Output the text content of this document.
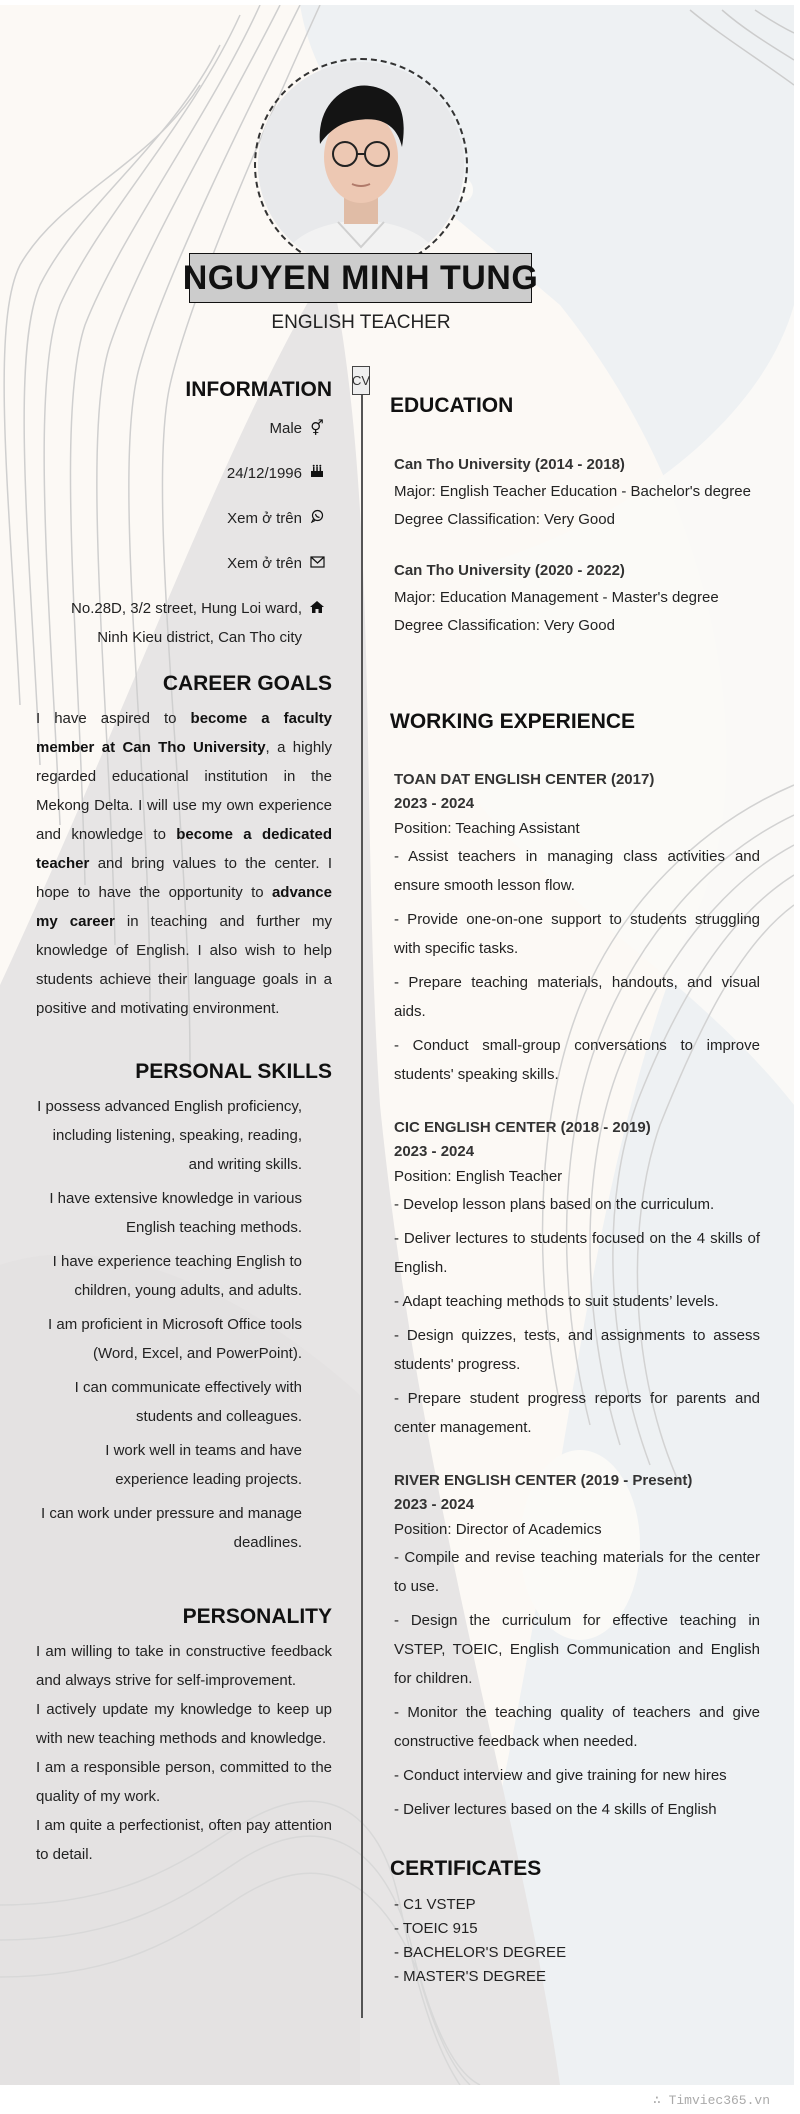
NGUYEN MINH TUNG
ENGLISH TEACHER
CV
INFORMATION
Male ⚥
24/12/1996
Xem ở trên
Xem ở trên
No.28D, 3/2 street, Hung Loi ward,
Ninh Kieu district, Can Tho city
CAREER GOALS

I have aspired to become a faculty member at Can Tho University, a highly regarded educational institution in the Mekong Delta. I will use my own experience and knowledge to become a dedicated teacher and bring values to the center. I hope to have the opportunity to advance my career in teaching and further my knowledge of English. I also wish to help students achieve their language goals in a positive and motivating environment.

PERSONAL SKILLS
I possess advanced English proficiency, including listening, speaking, reading, and writing skills.
I have extensive knowledge in various English teaching methods.
I have experience teaching English to children, young adults, and adults.
I am proficient in Microsoft Office tools (Word, Excel, and PowerPoint).
I can communicate effectively with students and colleagues.
I work well in teams and have experience leading projects.
I can work under pressure and manage deadlines.
PERSONALITY

I am willing to take in constructive feedback and always strive for self-improvement.

I actively update my knowledge to keep up with new teaching methods and knowledge.

I am a responsible person, committed to the quality of my work.

I am quite a perfectionist, often pay attention to detail.

EDUCATION
Can Tho University (2014 - 2018)
Major: English Teacher Education - Bachelor's degree
Degree Classification: Very Good
Can Tho University (2020 - 2022)
Major: Education Management - Master's degree
Degree Classification: Very Good
WORKING EXPERIENCE
TOAN DAT ENGLISH CENTER (2017)
2023 - 2024
Position: Teaching Assistant

- Assist teachers in managing class activities and ensure smooth lesson flow.

- Provide one-on-one support to students struggling with specific tasks.

- Prepare teaching materials, handouts, and visual aids.

- Conduct small-group conversations to improve students' speaking skills.

CIC ENGLISH CENTER (2018 - 2019)
2023 - 2024
Position: English Teacher

- Develop lesson plans based on the curriculum.

- Deliver lectures to students focused on the 4 skills of English.

- Adapt teaching methods to suit students’ levels.

- Design quizzes, tests, and assignments to assess students' progress.

- Prepare student progress reports for parents and center management.

RIVER ENGLISH CENTER (2019 - Present)
2023 - 2024
Position: Director of Academics

- Compile and revise teaching materials for the center to use.

- Design the curriculum for effective teaching in VSTEP, TOEIC, English Communication and English for children.

- Monitor the teaching quality of teachers and give constructive feedback when needed.

- Conduct interview and give training for new hires

- Deliver lectures based on the 4 skills of English

CERTIFICATES
- C1 VSTEP
- TOEIC 915
- BACHELOR'S DEGREE
- MASTER'S DEGREE
∴ Timviec365.vn
